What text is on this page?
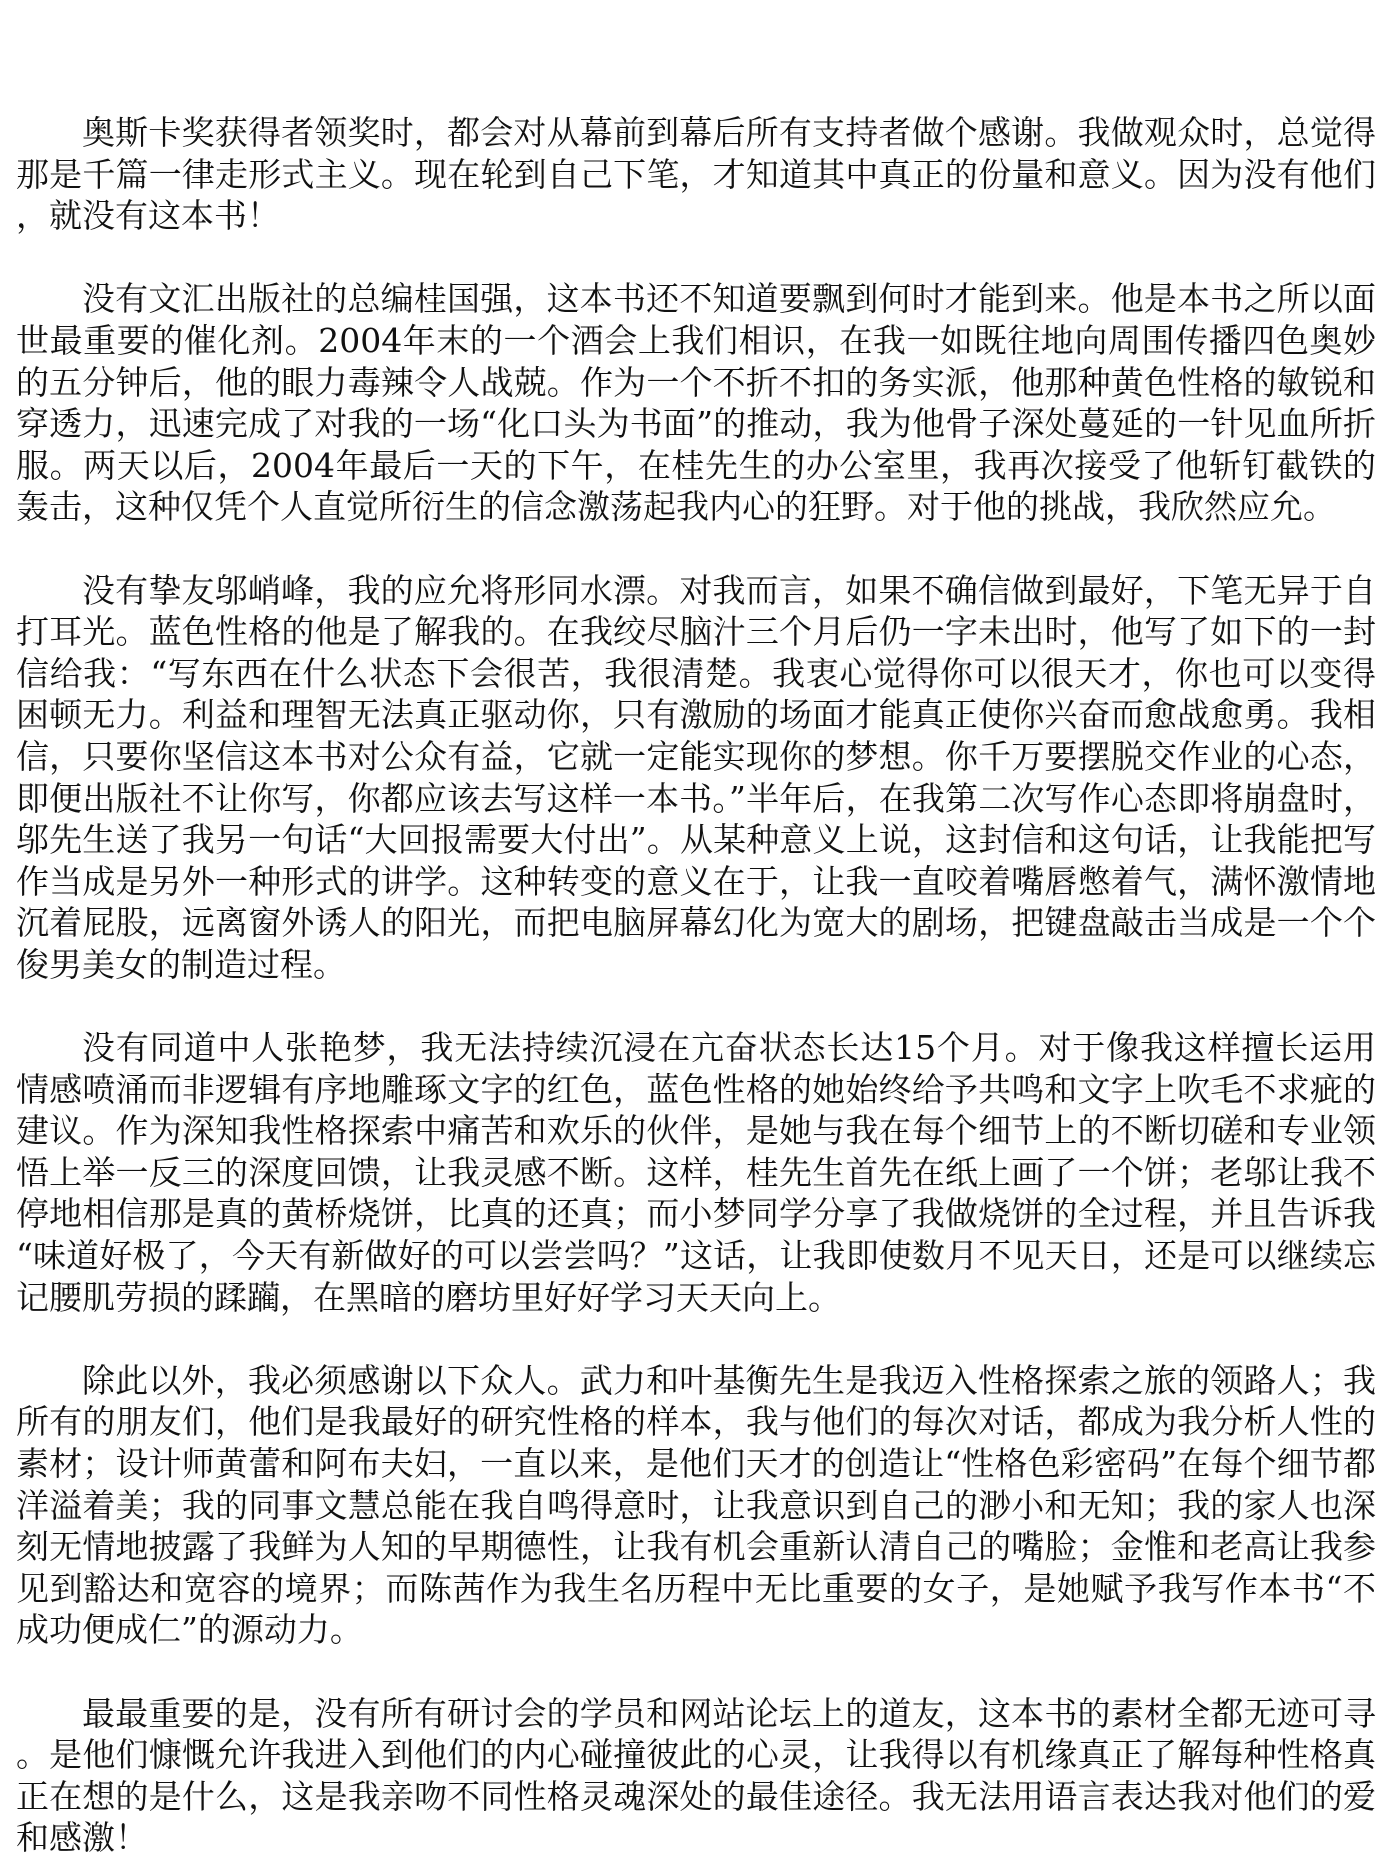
奥斯卡奖获得者领奖时，都会对从幕前到幕后所有支持者做个感谢。我做观众时，总觉得那是千篇一律走形式主义。现在轮到自己下笔，才知道其中真正的份量和意义。因为没有他们，就没有这本书！

没有文汇出版社的总编桂国强，这本书还不知道要飘到何时才能到来。他是本书之所以面世最重要的催化剂。2004年末的一个酒会上我们相识，在我一如既往地向周围传播四色奥妙的五分钟后，他的眼力毒辣令人战兢。作为一个不折不扣的务实派，他那种黄色性格的敏锐和穿透力，迅速完成了对我的一场“化口头为书面”的推动，我为他骨子深处蔓延的一针见血所折服。两天以后，2004年最后一天的下午，在桂先生的办公室里，我再次接受了他斩钉截铁的轰击，这种仅凭个人直觉所衍生的信念激荡起我内心的狂野。对于他的挑战，我欣然应允。

没有挚友邬峭峰，我的应允将形同水漂。对我而言，如果不确信做到最好，下笔无异于自打耳光。蓝色性格的他是了解我的。在我绞尽脑汁三个月后仍一字未出时，他写了如下的一封信给我：“写东西在什么状态下会很苦，我很清楚。我衷心觉得你可以很天才，你也可以变得困顿无力。利益和理智无法真正驱动你，只有激励的场面才能真正使你兴奋而愈战愈勇。我相信，只要你坚信这本书对公众有益，它就一定能实现你的梦想。你千万要摆脱交作业的心态，即便出版社不让你写，你都应该去写这样一本书。”半年后，在我第二次写作心态即将崩盘时，邬先生送了我另一句话“大回报需要大付出”。从某种意义上说，这封信和这句话，让我能把写作当成是另外一种形式的讲学。这种转变的意义在于，让我一直咬着嘴唇憋着气，满怀激情地沉着屁股，远离窗外诱人的阳光，而把电脑屏幕幻化为宽大的剧场，把键盘敲击当成是一个个俊男美女的制造过程。

没有同道中人张艳梦，我无法持续沉浸在亢奋状态长达15个月。对于像我这样擅长运用情感喷涌而非逻辑有序地雕琢文字的红色，蓝色性格的她始终给予共鸣和文字上吹毛不求疵的建议。作为深知我性格探索中痛苦和欢乐的伙伴，是她与我在每个细节上的不断切磋和专业领悟上举一反三的深度回馈，让我灵感不断。这样，桂先生首先在纸上画了一个饼；老邬让我不停地相信那是真的黄桥烧饼，比真的还真；而小梦同学分享了我做烧饼的全过程，并且告诉我“味道好极了，今天有新做好的可以尝尝吗？”这话，让我即使数月不见天日，还是可以继续忘记腰肌劳损的蹂躏，在黑暗的磨坊里好好学习天天向上。

除此以外，我必须感谢以下众人。武力和叶基衡先生是我迈入性格探索之旅的领路人；我所有的朋友们，他们是我最好的研究性格的样本，我与他们的每次对话，都成为我分析人性的素材；设计师黄蕾和阿布夫妇，一直以来，是他们天才的创造让“性格色彩密码”在每个细节都洋溢着美；我的同事文慧总能在我自鸣得意时，让我意识到自己的渺小和无知；我的家人也深刻无情地披露了我鲜为人知的早期德性，让我有机会重新认清自己的嘴脸；金惟和老高让我参见到豁达和宽容的境界；而陈茜作为我生名历程中无比重要的女子，是她赋予我写作本书“不成功便成仁”的源动力。

最最重要的是，没有所有研讨会的学员和网站论坛上的道友，这本书的素材全都无迹可寻。是他们慷慨允许我进入到他们的内心碰撞彼此的心灵，让我得以有机缘真正了解每种性格真正在想的是什么，这是我亲吻不同性格灵魂深处的最佳途径。我无法用语言表达我对他们的爱和感激！
